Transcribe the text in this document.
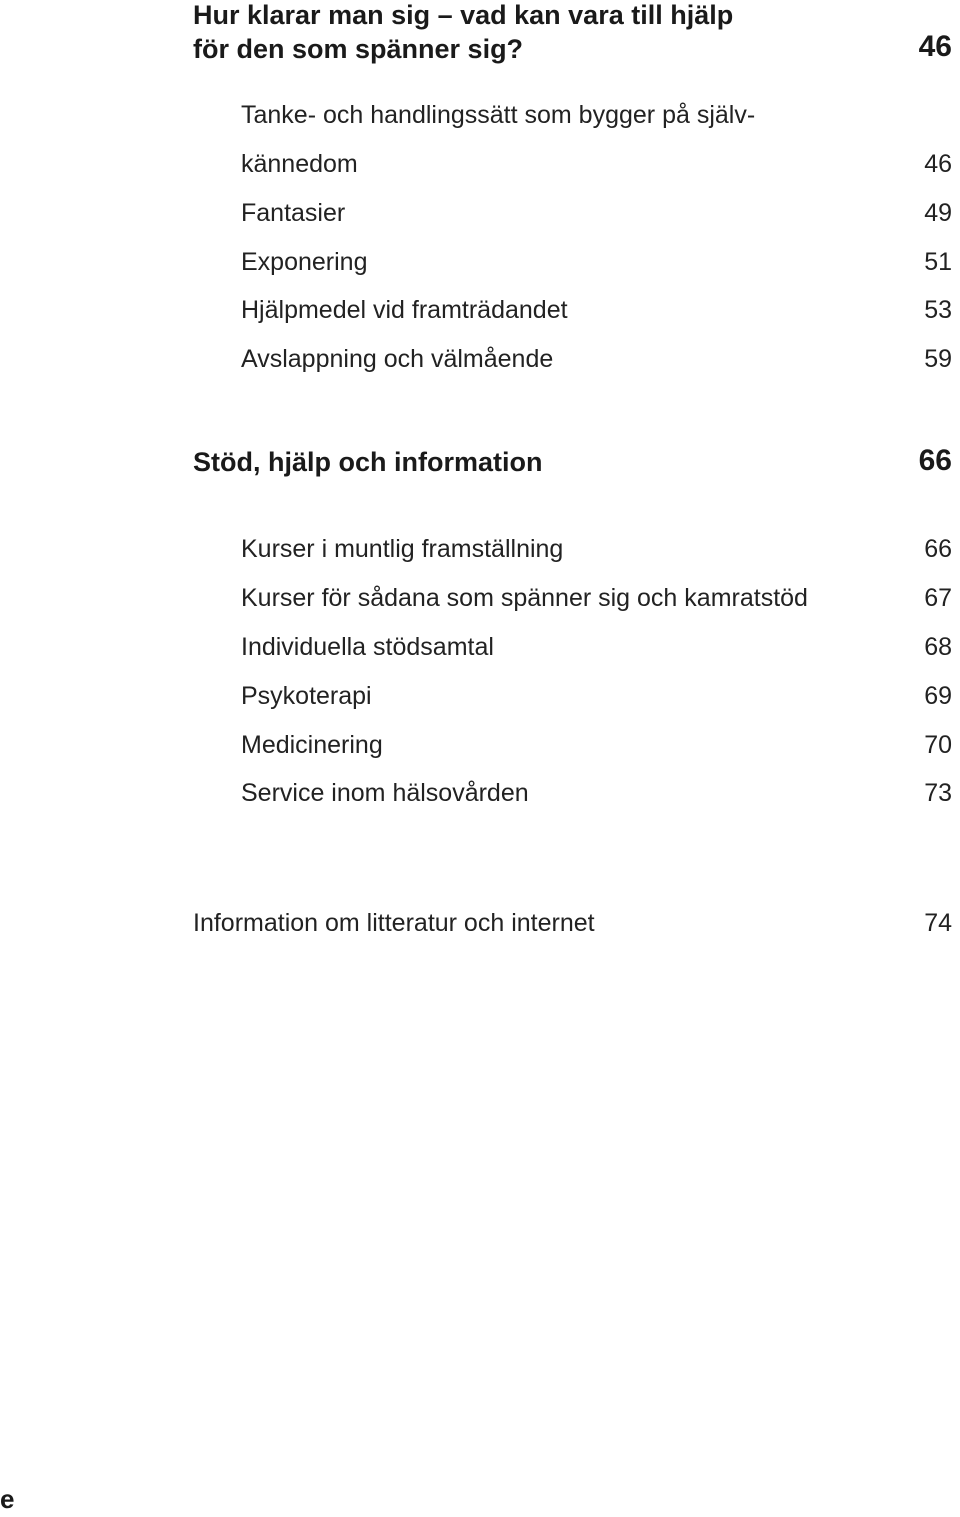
Hur klarar man sig – vad kan vara till hjälp
för den som spänner sig?	46
Tanke- och handlingssätt som bygger på själv-
kännedom	46
Fantasier	49
Exponering	51
Hjälpmedel vid framträdandet	53
Avslappning och välmående	59
Stöd, hjälp och information	66
Kurser i muntlig framställning	66
Kurser för sådana som spänner sig och kamratstöd	67
Individuella stödsamtal	68
Psykoterapi	69
Medicinering	70
Service inom hälsovården	73
Information om litteratur och internet	74
e
